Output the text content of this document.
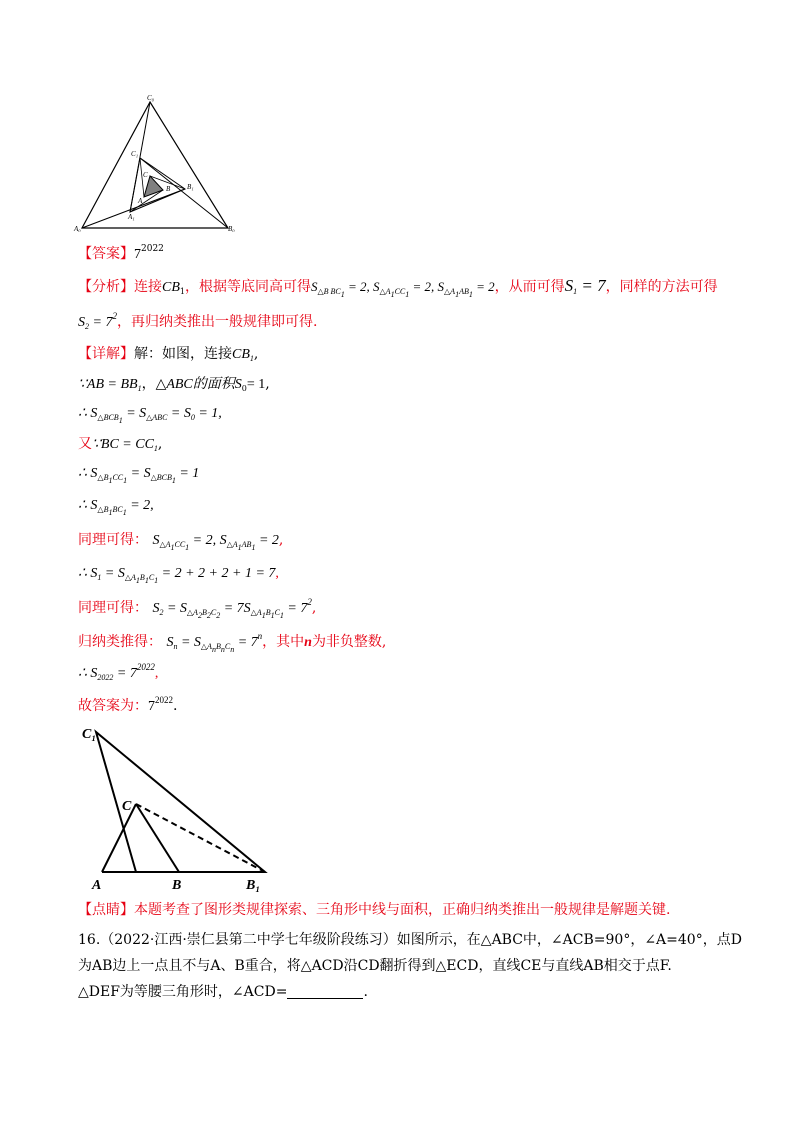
C₀
C₁
C
B
A
B₁
A₁
A₀	B₀
【答案】$7^{2022}$
【分析】连接$CB_1$，根据等底同高可得$S_{\triangle B BC_1} = 2$, $S_{\triangle A_1CC_1} = 2$, $S_{\triangle A_1AB_1} = 2$，从而可得$S_1 = 7$，同样的方法可得
$S_2 = 7^2$，再归纳类推出一般规律即可得.
【详解】解：如图，连接$CB_1$,
∵AB = $BB_1$，△ABC的面积$S_0= 1$,
∴ $S_{\triangle BCB_1} = S_{\triangle ABC} = S_0 = 1$,
又∵BC = $CC_1$,
∴ $S_{\triangle B_1CC_1} = S_{\triangle BCB_1} = 1$
∴ $S_{\triangle B_1BC_1} = 2$,
同理可得： $S_{\triangle A_1CC_1} = 2$, $S_{\triangle A_1AB_1} = 2$,
∴ $S_1 = S_{\triangle A_1B_1C_1} = 2 + 2 + 2 + 1 = 7$,
同理可得： $S_2 = S_{\triangle A_2B_2C_2} = 7S_{\triangle A_1B_1C_1} = 7^2$,
归纳类推得： $S_n = S_{\triangle A_nB_nC_n} = 7^n$，其中n为非负整数,
∴ $S_{2022} = 7^{2022}$,
故答案为：$7^{2022}$.
C₁
C
A	B	B₁
【点睛】本题考查了图形类规律探索、三角形中线与面积，正确归纳类推出一般规律是解题关键.
16.（2022·江西·崇仁县第二中学七年级阶段练习）如图所示，在△ABC中，∠ACB=90°，∠A=40°，点D
为AB边上一点且不与A、B重合，将△ACD沿CD翻折得到△ECD，直线CE与直线AB相交于点F.
△DEF为等腰三角形时，∠ACD=	.
